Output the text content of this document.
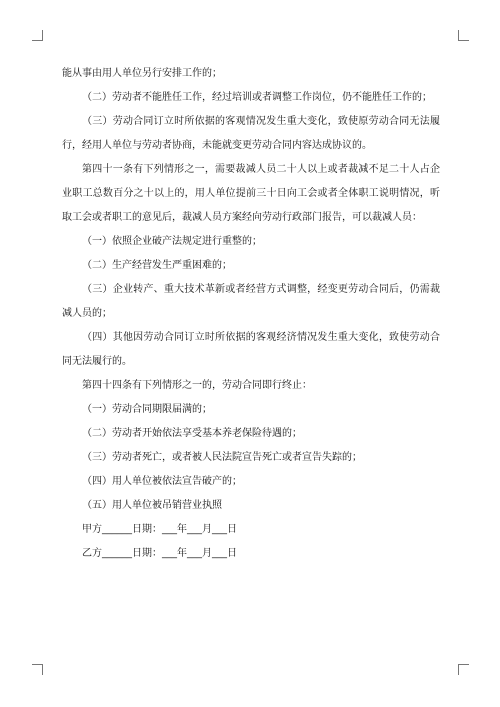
能从事由用人单位另行安排工作的；

（二）劳动者不能胜任工作，经过培训或者调整工作岗位，仍不能胜任工作的；

（三）劳动合同订立时所依据的客观情况发生重大变化，致使原劳动合同无法履行，经用人单位与劳动者协商，未能就变更劳动合同内容达成协议的。

第四十一条有下列情形之一，需要裁减人员二十人以上或者裁减不足二十人占企业职工总数百分之十以上的，用人单位提前三十日向工会或者全体职工说明情况，听取工会或者职工的意见后，裁减人员方案经向劳动行政部门报告，可以裁减人员：

（一）依照企业破产法规定进行重整的；

（二）生产经营发生严重困难的；

（三）企业转产、重大技术革新或者经营方式调整，经变更劳动合同后，仍需裁减人员的；

（四）其他因劳动合同订立时所依据的客观经济情况发生重大变化，致使劳动合同无法履行的。

第四十四条有下列情形之一的，劳动合同即行终止：

（一）劳动合同期限届满的；

（二）劳动者开始依法享受基本养老保险待遇的；

（三）劳动者死亡，或者被人民法院宣告死亡或者宣告失踪的；

（四）用人单位被依法宣告破产的；

（五）用人单位被吊销营业执照

甲方______日期：___年___月___日

乙方______日期：___年___月___日
